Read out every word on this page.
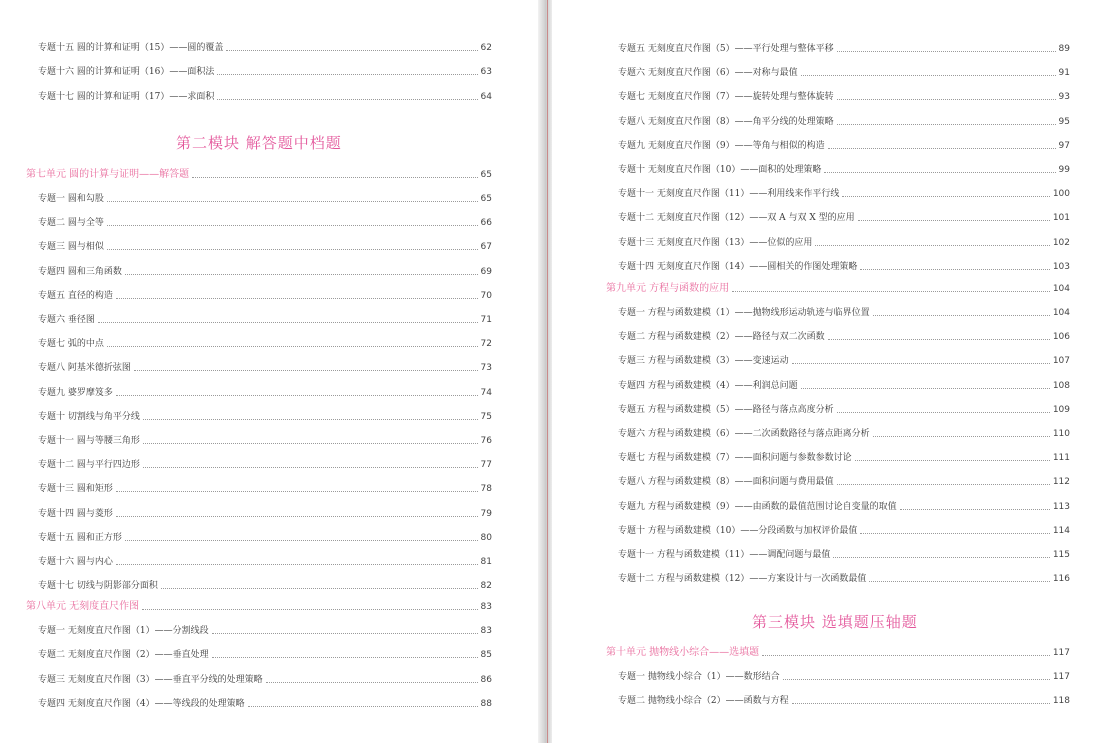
专题十五 圆的计算和证明（15）——圆的覆盖	62
专题十六 圆的计算和证明（16）——面积法	63
专题十七 圆的计算和证明（17）——求面积	64
第二模块 解答题中档题
第七单元 圆的计算与证明——解答题	65
专题一 圆和勾股	65
专题二 圆与全等	66
专题三 圆与相似	67
专题四 圆和三角函数	69
专题五 直径的构造	70
专题六 垂径图	71
专题七 弧的中点	72
专题八 阿基米德折弦图	73
专题九 婆罗摩笈多	74
专题十 切割线与角平分线	75
专题十一 圆与等腰三角形	76
专题十二 圆与平行四边形	77
专题十三 圆和矩形	78
专题十四 圆与菱形	79
专题十五 圆和正方形	80
专题十六 圆与内心	81
专题十七 切线与阴影部分面积	82
第八单元 无刻度直尺作图	83
专题一 无刻度直尺作图（1）——分割线段	83
专题二 无刻度直尺作图（2）——垂直处理	85
专题三 无刻度直尺作图（3）——垂直平分线的处理策略	86
专题四 无刻度直尺作图（4）——等线段的处理策略	88
专题五 无刻度直尺作图（5）——平行处理与整体平移	89
专题六 无刻度直尺作图（6）——对称与最值	91
专题七 无刻度直尺作图（7）——旋转处理与整体旋转	93
专题八 无刻度直尺作图（8）——角平分线的处理策略	95
专题九 无刻度直尺作图（9）——等角与相似的构造	97
专题十 无刻度直尺作图（10）——面积的处理策略	99
专题十一 无刻度直尺作图（11）——利用线来作平行线	100
专题十二 无刻度直尺作图（12）——双 A 与双 X 型的应用	101
专题十三 无刻度直尺作图（13）——位似的应用	102
专题十四 无刻度直尺作图（14）——圆相关的作图处理策略	103
第九单元 方程与函数的应用	104
专题一 方程与函数建模（1）——抛物线形运动轨迹与临界位置	104
专题二 方程与函数建模（2）——路径与双二次函数	106
专题三 方程与函数建模（3）——变速运动	107
专题四 方程与函数建模（4）——利润总问题	108
专题五 方程与函数建模（5）——路径与落点高度分析	109
专题六 方程与函数建模（6）——二次函数路径与落点距离分析	110
专题七 方程与函数建模（7）——面积问题与参数参数讨论	111
专题八 方程与函数建模（8）——面积问题与费用最值	112
专题九 方程与函数建模（9）——由函数的最值范围讨论自变量的取值	113
专题十 方程与函数建模（10）——分段函数与加权评价最值	114
专题十一 方程与函数建模（11）——调配问题与最值	115
专题十二 方程与函数建模（12）——方案设计与一次函数最值	116
第三模块 选填题压轴题
第十单元 抛物线小综合——选填题	117
专题一 抛物线小综合（1）——数形结合	117
专题二 抛物线小综合（2）——函数与方程	118
